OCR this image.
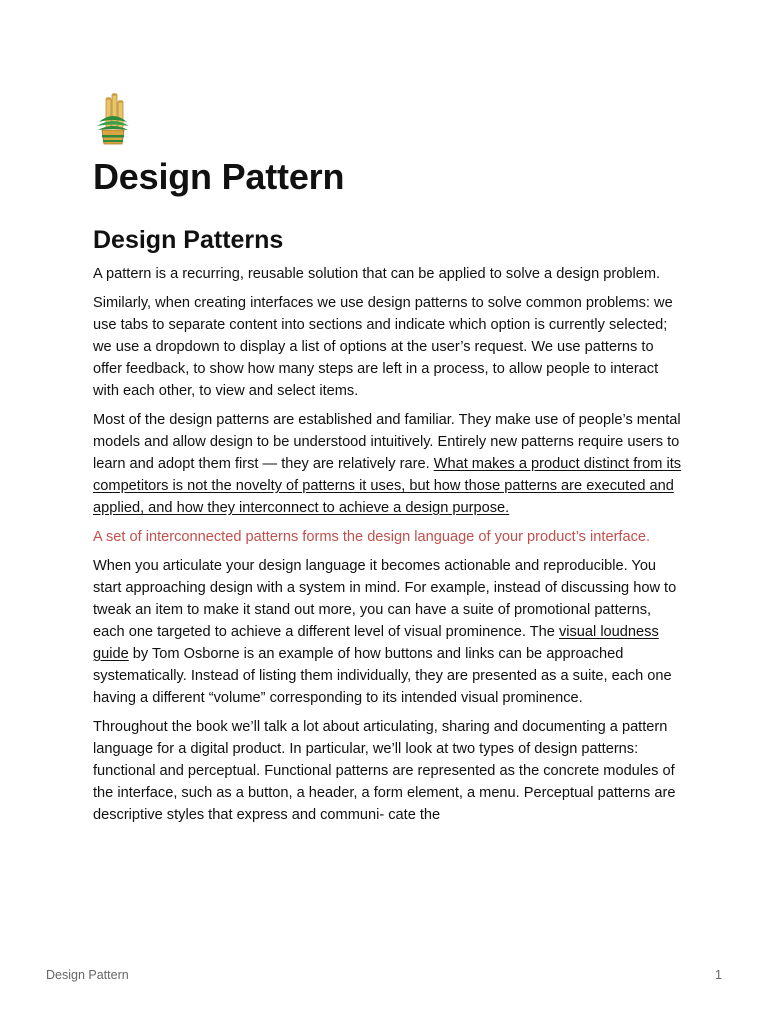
Design Pattern
Design Patterns

A pattern is a recurring, reusable solution that can be applied to solve a design problem.

Similarly, when creating interfaces we use design patterns to solve common problems: we use tabs to separate content into sections and indicate which option is currently selected; we use a dropdown to display a list of options at the user’s request. We use patterns to offer feedback, to show how many steps are left in a process, to allow people to interact with each other, to view and select items.

Most of the design patterns are established and familiar. They make use of people’s mental models and allow design to be understood intuitively. Entirely new patterns require users to learn and adopt them first — they are relatively rare. What makes a product distinct from its competitors is not the novelty of patterns it uses, but how those patterns are executed and applied, and how they interconnect to achieve a design purpose.

A set of interconnected patterns forms the design language of your product’s interface.

When you articulate your design language it becomes actionable and reproducible. You start approaching design with a system in mind. For example, instead of discussing how to tweak an item to make it stand out more, you can have a suite of promotional patterns, each one targeted to achieve a different level of visual prominence. The visual loudness guide by Tom Osborne is an example of how buttons and links can be approached systematically. Instead of listing them individually, they are presented as a suite, each one having a different “volume” corresponding to its intended visual prominence.

Throughout the book we’ll talk a lot about articulating, sharing and documenting a pattern language for a digital product. In particular, we’ll look at two types of design patterns: functional and perceptual. Functional patterns are represented as the concrete modules of the interface, such as a button, a header, a form element, a menu. Perceptual patterns are descriptive styles that express and communi- cate the

Design Pattern	1
